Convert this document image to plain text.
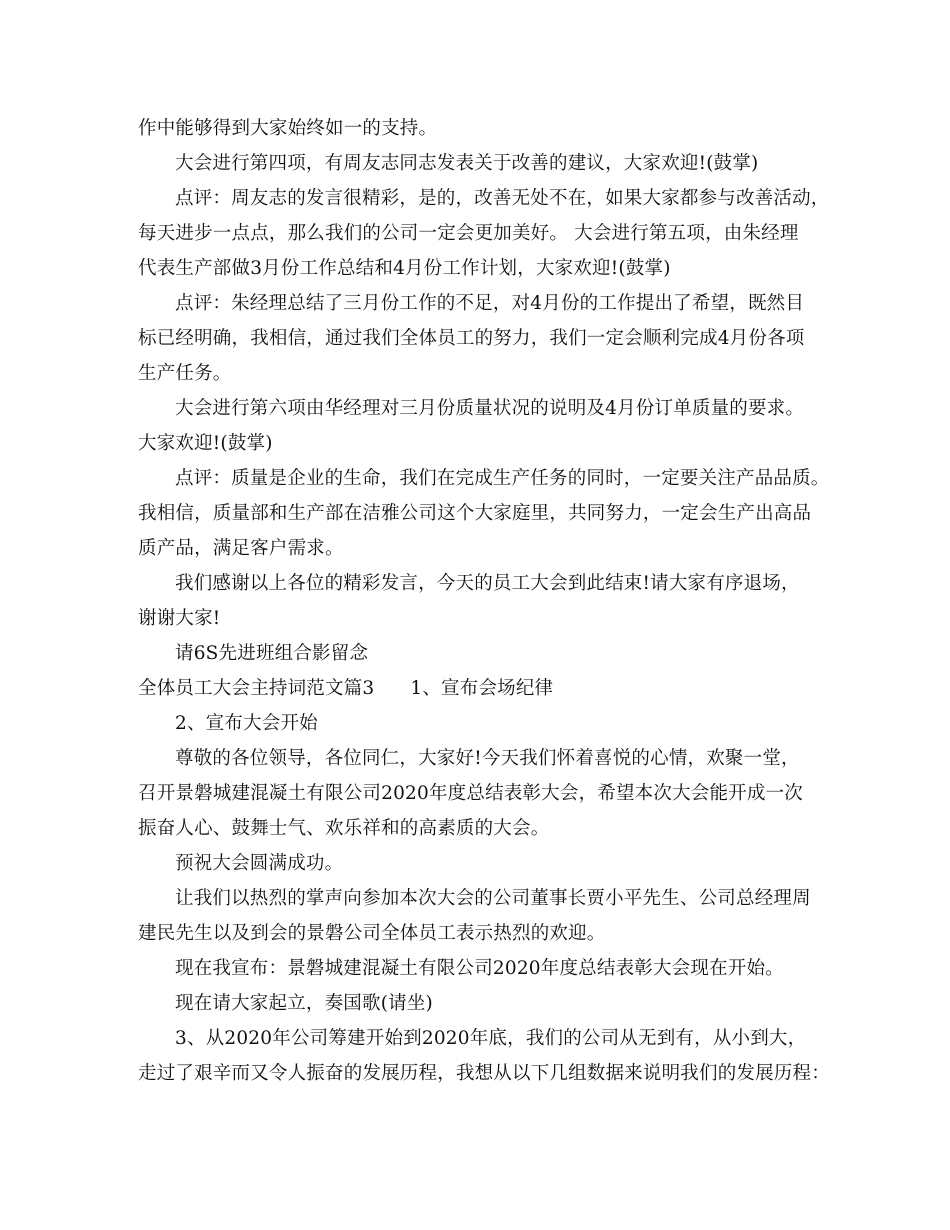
作中能够得到大家始终如一的支持。
大会进行第四项，有周友志同志发表关于改善的建议，大家欢迎!(鼓掌)
点评：周友志的发言很精彩，是的，改善无处不在，如果大家都参与改善活动，
每天进步一点点，那么我们的公司一定会更加美好。 大会进行第五项，由朱经理
代表生产部做3月份工作总结和4月份工作计划，大家欢迎!(鼓掌)
点评：朱经理总结了三月份工作的不足，对4月份的工作提出了希望，既然目
标已经明确，我相信，通过我们全体员工的努力，我们一定会顺利完成4月份各项
生产任务。
大会进行第六项由华经理对三月份质量状况的说明及4月份订单质量的要求。
大家欢迎!(鼓掌)
点评：质量是企业的生命，我们在完成生产任务的同时，一定要关注产品品质。
我相信，质量部和生产部在洁雅公司这个大家庭里，共同努力，一定会生产出高品
质产品，满足客户需求。
我们感谢以上各位的精彩发言，今天的员工大会到此结束!请大家有序退场，
谢谢大家!
请6S先进班组合影留念
全体员工大会主持词范文篇3 1、宣布会场纪律
2、宣布大会开始
尊敬的各位领导，各位同仁，大家好!今天我们怀着喜悦的心情，欢聚一堂，
召开景磐城建混凝土有限公司2020年度总结表彰大会，希望本次大会能开成一次
振奋人心、鼓舞士气、欢乐祥和的高素质的大会。
预祝大会圆满成功。
让我们以热烈的掌声向参加本次大会的公司董事长贾小平先生、公司总经理周
建民先生以及到会的景磐公司全体员工表示热烈的欢迎。
现在我宣布：景磐城建混凝土有限公司2020年度总结表彰大会现在开始。
现在请大家起立，奏国歌(请坐)
3、从2020年公司筹建开始到2020年底，我们的公司从无到有，从小到大，
走过了艰辛而又令人振奋的发展历程，我想从以下几组数据来说明我们的发展历程：
